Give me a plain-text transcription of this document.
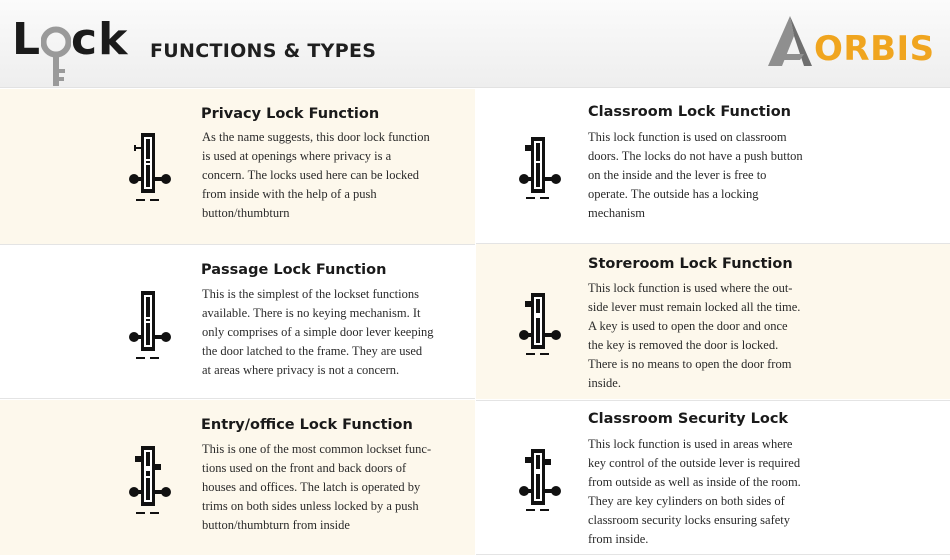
L ck FUNCTIONS & TYPES	ORBIS
Privacy Lock Function
As the name suggests, this door lock function
is used at openings where privacy is a
concern. The locks used here can be locked
from inside with the help of a push
button/thumbturn
Classroom Lock Function
This lock function is used on classroom
doors. The locks do not have a push button
on the inside and the lever is free to
operate. The outside has a locking
mechanism
Passage Lock Function
This is the simplest of the lockset functions
available. There is no keying mechanism. It
only comprises of a simple door lever keeping
the door latched to the frame. They are used
at areas where privacy is not a concern.
Storeroom Lock Function
This lock function is used where the out-
side lever must remain locked all the time.
A key is used to open the door and once
the key is removed the door is locked.
There is no means to open the door from
inside.
Entry/office Lock Function
This is one of the most common lockset func-
tions used on the front and back doors of
houses and offices. The latch is operated by
trims on both sides unless locked by a push
button/thumbturn from inside
Classroom Security Lock
This lock function is used in areas where
key control of the outside lever is required
from outside as well as inside of the room.
They are key cylinders on both sides of
classroom security locks ensuring safety
from inside.
